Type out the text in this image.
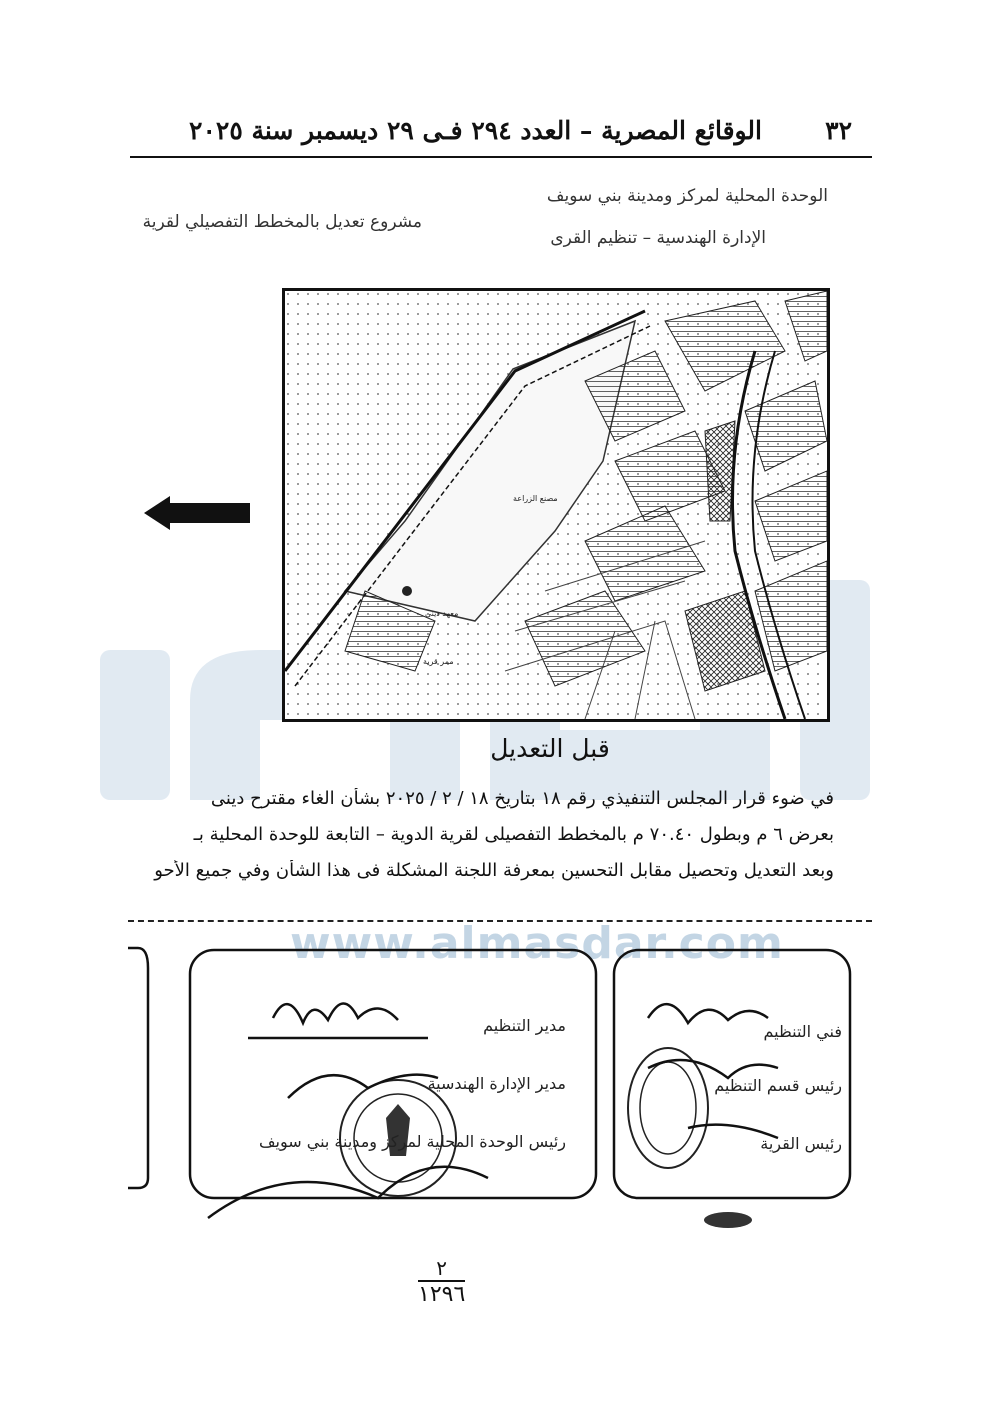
www.almasdar.com
٣٢
الوقائع المصرية – العدد ٢٩٤ فـى ٢٩ ديسمبر سنة ٢٠٢٥
الوحدة المحلية لمركز ومدينة بني سويف
الإدارة الهندسية – تنظيم القرى
مشروع تعديل بالمخطط التفصيلي لقرية
مصنع الزراعة
معهد ديني
ممر قرية
قبل التعديل
في ضوء قرار المجلس التنفيذي رقم ١٨ بتاريخ ١٨ / ٢ / ٢٠٢٥ بشأن الغاء مقترح دينى
بعرض ٦ م وبطول ٧٠.٤٠ م بالمخطط التفصيلى لقرية الدوية – التابعة للوحدة المحلية بـ
وبعد التعديل وتحصيل مقابل التحسين بمعرفة اللجنة المشكلة فى هذا الشأن وفي جميع الأحو
مدير التنظيم
مدير الإدارة الهندسية
رئيس الوحدة المحلية لمركز ومدينة بني سويف
فني التنظيم
رئيس قسم التنظيم
رئيس القرية
٢
١٢٩٦
